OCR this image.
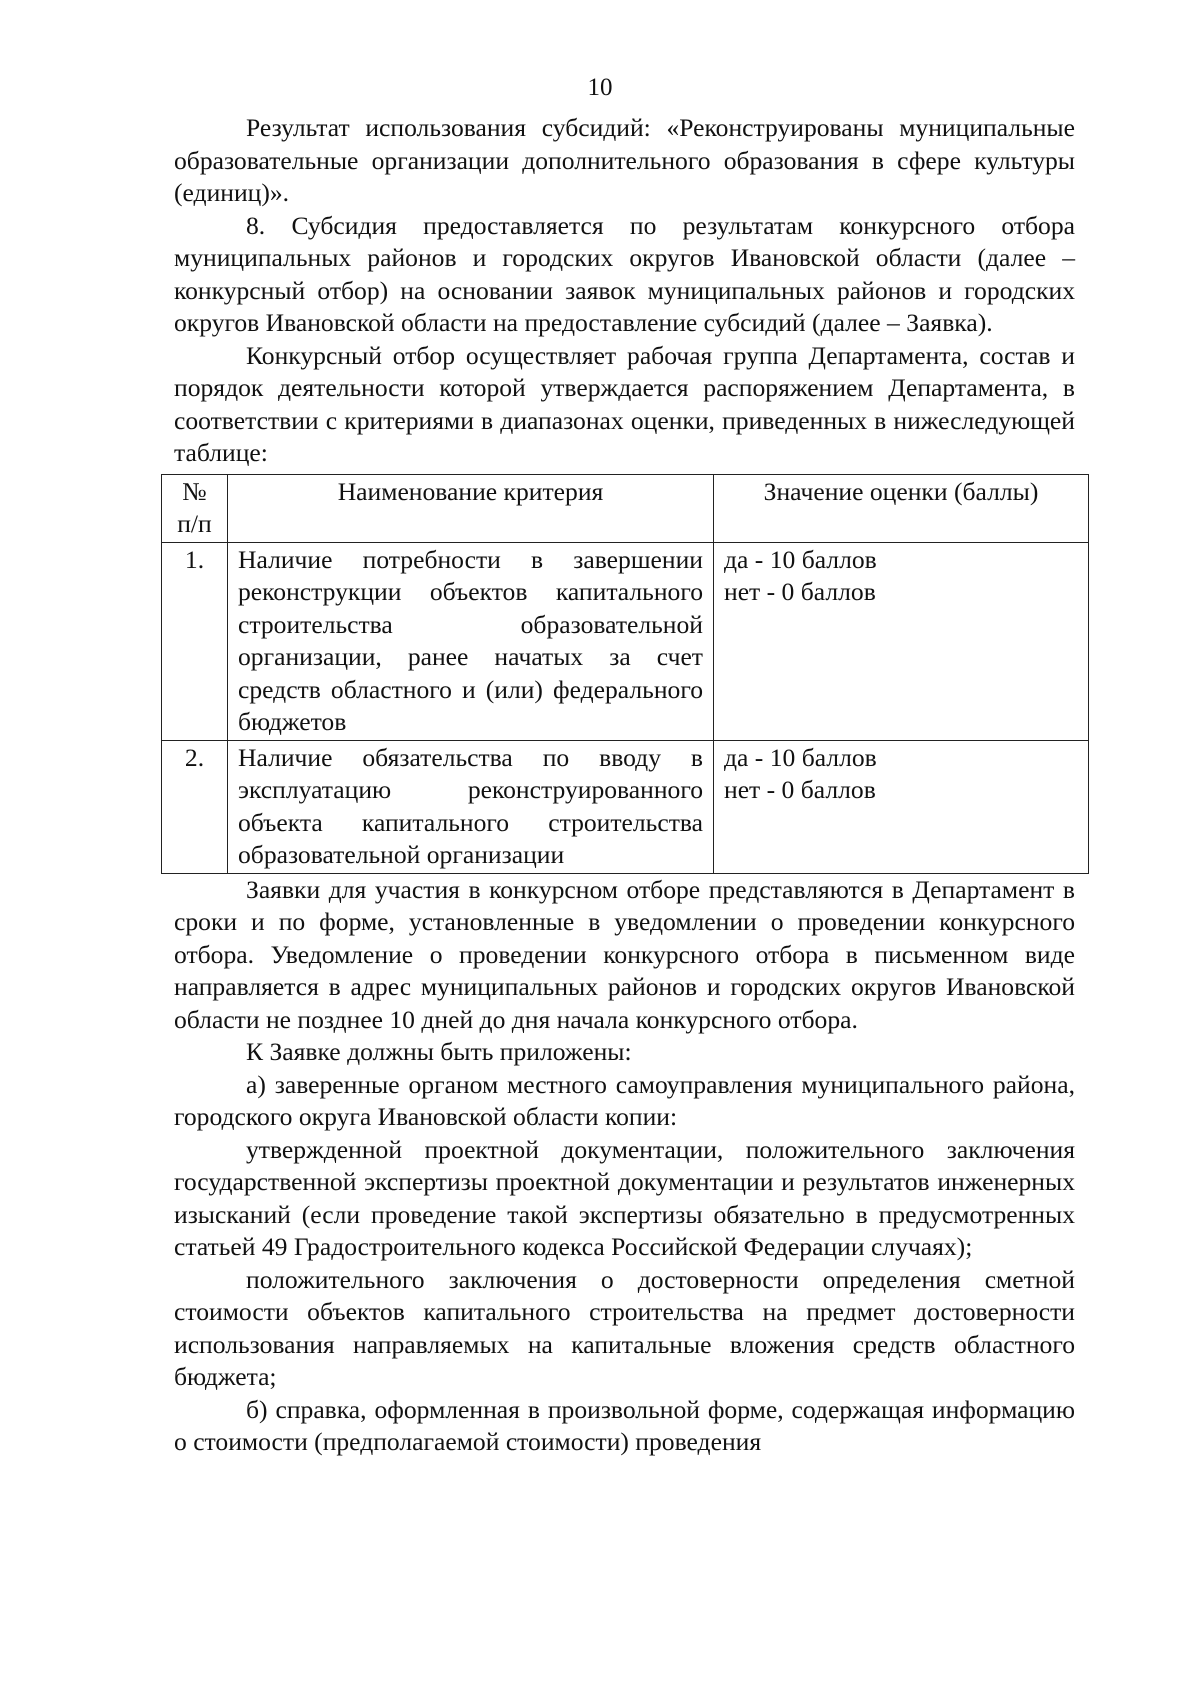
10

Результат использования субсидий: «Реконструированы муниципальные образовательные организации дополнительного образования в сфере культуры (единиц)».

8. Субсидия предоставляется по результатам конкурсного отбора муниципальных районов и городских округов Ивановской области (далее – конкурсный отбор) на основании заявок муниципальных районов и городских округов Ивановской области на предоставление субсидий (далее – Заявка).

Конкурсный отбор осуществляет рабочая группа Департамента, состав и порядок деятельности которой утверждается распоряжением Департамента, в соответствии с критериями в диапазонах оценки, приведенных в нижеследующей таблице:

№
п/п	Наименование критерия	Значение оценки (баллы)
1.	Наличие потребности в завершении реконструкции объектов капитального строительства образовательной организации, ранее начатых за счет средств областного и (или) федерального бюджетов	да - 10 баллов
нет - 0 баллов

2.	Наличие обязательства по вводу в эксплуатацию реконструированного объекта капитального строительства образовательной организации	да - 10 баллов
нет - 0 баллов

Заявки для участия в конкурсном отборе представляются в Департамент в сроки и по форме, установленные в уведомлении о проведении конкурсного отбора. Уведомление о проведении конкурсного отбора в письменном виде направляется в адрес муниципальных районов и городских округов Ивановской области не позднее 10 дней до дня начала конкурсного отбора.

К Заявке должны быть приложены:

а) заверенные органом местного самоуправления муниципального района, городского округа Ивановской области копии:

утвержденной проектной документации, положительного заключения государственной экспертизы проектной документации и результатов инженерных изысканий (если проведение такой экспертизы обязательно в предусмотренных статьей 49 Градостроительного кодекса Российской Федерации случаях);

положительного заключения о достоверности определения сметной стоимости объектов капитального строительства на предмет достоверности использования направляемых на капитальные вложения средств областного бюджета;

б) справка, оформленная в произвольной форме, содержащая информацию о стоимости (предполагаемой стоимости) проведения
